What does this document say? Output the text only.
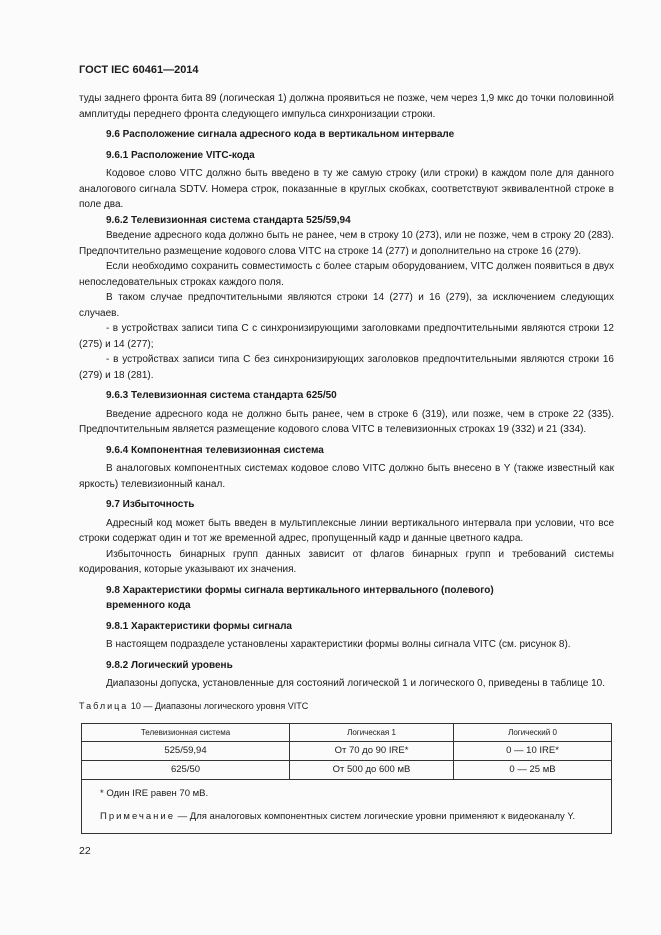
ГОСТ IEC 60461—2014

туды заднего фронта бита 89 (логическая 1) должна проявиться не позже, чем через 1,9 мкс до точки половинной амплитуды переднего фронта следующего импульса синхронизации строки.

9.6 Расположение сигнала адресного кода в вертикальном интервале

9.6.1 Расположение VITC-кода

Кодовое слово VITC должно быть введено в ту же самую строку (или строки) в каждом поле для данного аналогового сигнала SDTV. Номера строк, показанные в круглых скобках, соответствуют эквивалентной строке в поле два.

9.6.2 Телевизионная система стандарта 525/59,94

Введение адресного кода должно быть не ранее, чем в строку 10 (273), или не позже, чем в строку 20 (283). Предпочтительно размещение кодового слова VITC на строке 14 (277) и дополнительно на строке 16 (279).

Если необходимо сохранить совместимость с более старым оборудованием, VITC должен появиться в двух непоследовательных строках каждого поля.

В таком случае предпочтительными являются строки 14 (277) и 16 (279), за исключением следующих случаев.

- в устройствах записи типа С с синхронизирующими заголовками предпочтительными являются строки 12 (275) и 14 (277);

- в устройствах записи типа С без синхронизирующих заголовков предпочтительными являются строки 16 (279) и 18 (281).

9.6.3 Телевизионная система стандарта 625/50

Введение адресного кода не должно быть ранее, чем в строке 6 (319), или позже, чем в строке 22 (335). Предпочтительным является размещение кодового слова VITC в телевизионных строках 19 (332) и 21 (334).

9.6.4 Компонентная телевизионная система

В аналоговых компонентных системах кодовое слово VITC должно быть внесено в Y (также известный как яркость) телевизионный канал.

9.7 Избыточность

Адресный код может быть введен в мультиплексные линии вертикального интервала при условии, что все строки содержат один и тот же временной адрес, пропущенный кадр и данные цветного кадра.

Избыточность бинарных групп данных зависит от флагов бинарных групп и требований системы кодирования, которые указывают их значения.

9.8 Характеристики формы сигнала вертикального интервального (полевого)

временного кода

9.8.1 Характеристики формы сигнала

В настоящем подразделе установлены характеристики формы волны сигнала VITC (см. рисунок 8).

9.8.2 Логический уровень

Диапазоны допуска, установленные для состояний логической 1 и логического 0, приведены в таблице 10.

Таблица 10 — Диапазоны логического уровня VITC
Телевизионная система	Логическая 1	Логический 0
525/59,94	От 70 до 90 IRE*	0 — 10 IRE*
625/50	От 500 до 600 мВ	0 — 25 мВ
* Один IRE равен 70 мВ.
Примечание — Для аналоговых компонентных систем логические уровни применяют к видеоканалу Y.
22
